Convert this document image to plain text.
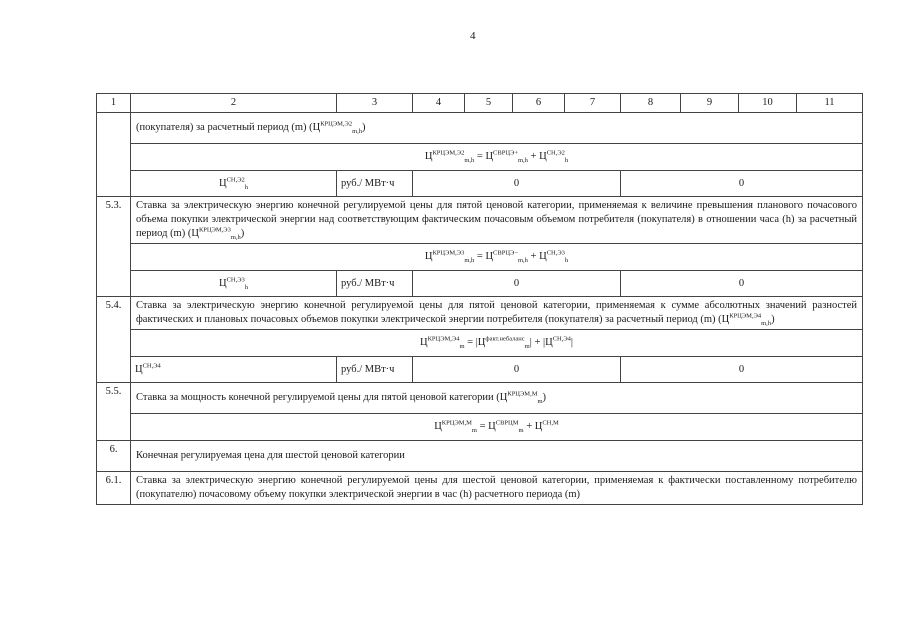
4
1	2	3	4	5	6	7	8	9	10	11
	(покупателя) за расчетный период (m) $(Ц^{КРЦЭМ,Э2}_{m,h})$									
	$Ц^{КРЦЭМ,Э2}_{m,h} = Ц^{СВРЦЭ+}_{m,h} + Ц^{СН,Э2}_h$
	$Ц^{СН,Э2}_h$	руб./ МВт·ч	0				0			
5.3.	Ставка за электрическую энергию конечной регулируемой цены для пятой ценовой категории, применяемая к величине превышения планового почасового объема покупки электрической энергии над соответствующим фактическим почасовым объемом потребителя (покупателя) в отношении часа (h) за расчетный период (m) $(Ц^{КРЦЭМ,Э3}_{m,h})$									
	$Ц^{КРЦЭМ,Э3}_{m,h} = Ц^{СВРЦЭ-}_{m,h} + Ц^{СН,Э3}_h$
	$Ц^{СН,Э3}_h$	руб./ МВт·ч	0				0			
5.4.	Ставка за электрическую энергию конечной регулируемой цены для пятой ценовой категории, применяемая к сумме абсолютных значений разностей фактических и плановых почасовых объемов покупки электрической энергии потребителя (покупателя) за расчетный период (m) $(Ц^{КРЦЭМ,Э4}_{m,h})$									
	$Ц^{КРЦЭМ,Э4}_m = |Ц^{факт.небаланс}_m| + |Ц^{СН,Э4}|$									
	$Ц^{СН,Э4}$	руб./ МВт·ч	0				0			
5.5.	Ставка за мощность конечной регулируемой цены для пятой ценовой категории $(Ц^{КРЦЭМ,М}_m)$									
	$Ц^{КРЦЭМ,М}_m = Ц^{СВРЦМ}_m + Ц^{СН,М}$
6.	Конечная регулируемая цена для шестой ценовой категории									
6.1.	Ставка за электрическую энергию конечной регулируемой цены для шестой ценовой категории, применяемая к фактически поставленному потребителю (покупателю) почасовому объему покупки электрической энергии в час (h) расчетного периода (m)									
